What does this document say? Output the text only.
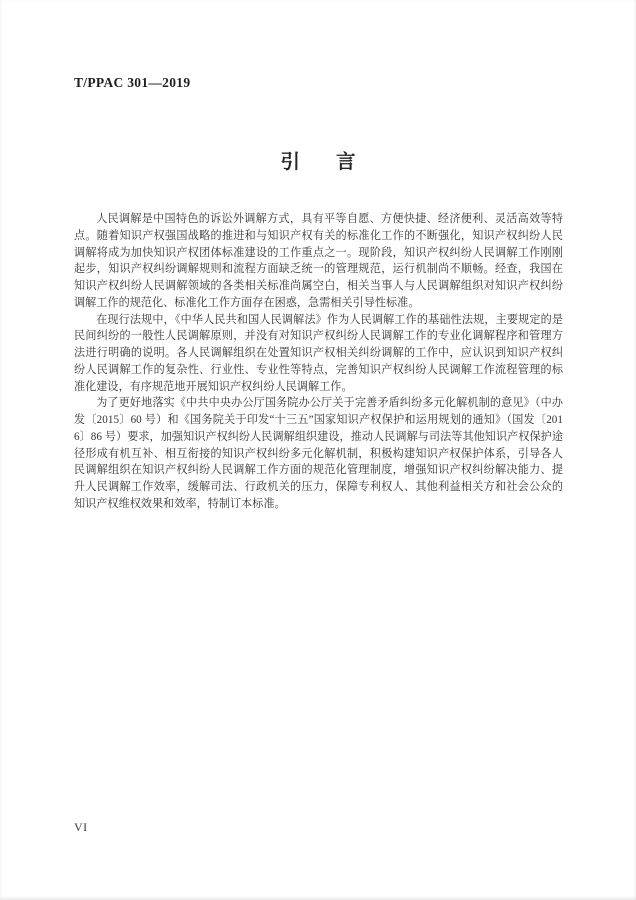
T/PPAC 301—2019
引 言

人民调解是中国特色的诉讼外调解方式，具有平等自愿、方便快捷、经济便利、灵活高效等特点。随着知识产权强国战略的推进和与知识产权有关的标准化工作的不断强化，知识产权纠纷人民调解将成为加快知识产权团体标准建设的工作重点之一。现阶段，知识产权纠纷人民调解工作刚刚起步，知识产权纠纷调解规则和流程方面缺乏统一的管理规范，运行机制尚不顺畅。经查，我国在知识产权纠纷人民调解领域的各类相关标准尚属空白，相关当事人与人民调解组织对知识产权纠纷调解工作的规范化、标准化工作方面存在困惑，急需相关引导性标准。

在现行法规中，《中华人民共和国人民调解法》作为人民调解工作的基础性法规，主要规定的是民间纠纷的一般性人民调解原则，并没有对知识产权纠纷人民调解工作的专业化调解程序和管理方法进行明确的说明。各人民调解组织在处置知识产权相关纠纷调解的工作中，应认识到知识产权纠纷人民调解工作的复杂性、行业性、专业性等特点，完善知识产权纠纷人民调解工作流程管理的标准化建设，有序规范地开展知识产权纠纷人民调解工作。

为了更好地落实《中共中央办公厅国务院办公厅关于完善矛盾纠纷多元化解机制的意见》（中办发〔2015〕60 号）和《国务院关于印发“十三五”国家知识产权保护和运用规划的通知》（国发〔2016〕86 号）要求，加强知识产权纠纷人民调解组织建设，推动人民调解与司法等其他知识产权保护途径形成有机互补、相互衔接的知识产权纠纷多元化解机制，积极构建知识产权保护体系，引导各人民调解组织在知识产权纠纷人民调解工作方面的规范化管理制度，增强知识产权纠纷解决能力、提升人民调解工作效率，缓解司法、行政机关的压力，保障专利权人、其他利益相关方和社会公众的知识产权维权效果和效率，特制订本标准。

VI
